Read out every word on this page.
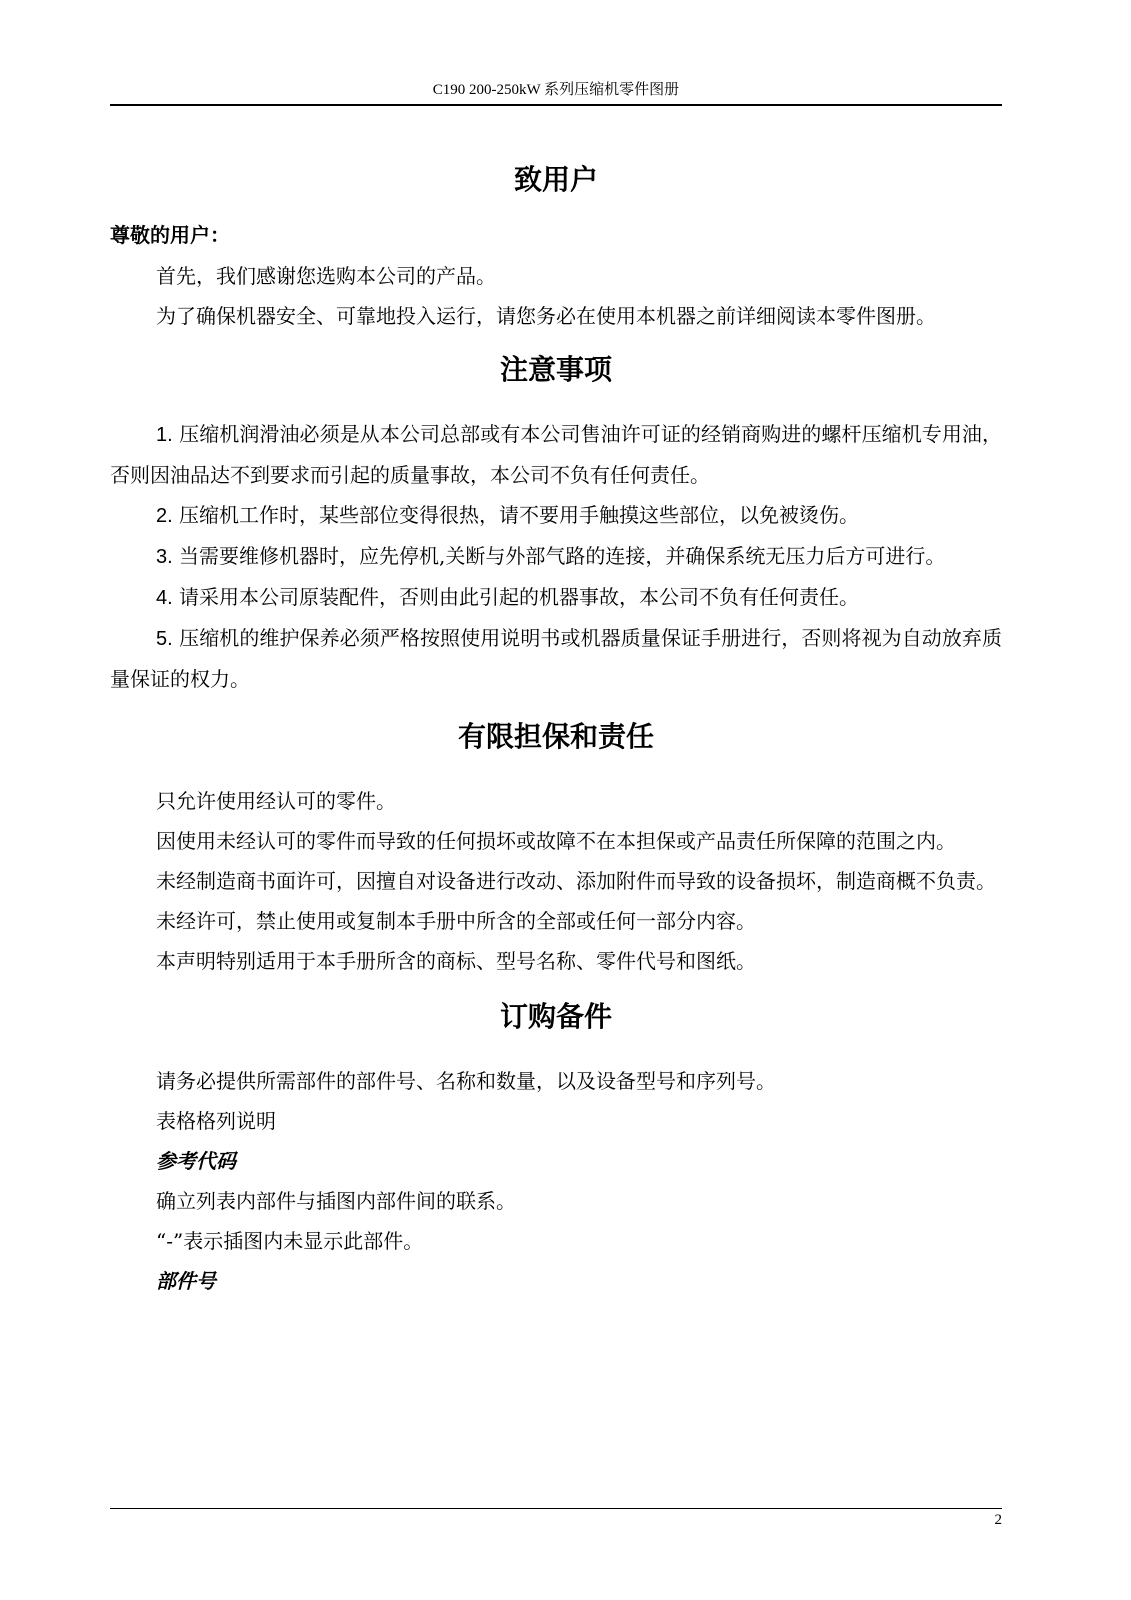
C190 200-250kW 系列压缩机零件图册
致用户

尊敬的用户：

首先，我们感谢您选购本公司的产品。

为了确保机器安全、可靠地投入运行，请您务必在使用本机器之前详细阅读本零件图册。

注意事项

1. 压缩机润滑油必须是从本公司总部或有本公司售油许可证的经销商购进的螺杆压缩机专用油，否则因油品达不到要求而引起的质量事故，本公司不负有任何责任。

2. 压缩机工作时，某些部位变得很热，请不要用手触摸这些部位，以免被烫伤。

3. 当需要维修机器时，应先停机,关断与外部气路的连接，并确保系统无压力后方可进行。

4. 请采用本公司原装配件，否则由此引起的机器事故，本公司不负有任何责任。

5. 压缩机的维护保养必须严格按照使用说明书或机器质量保证手册进行，否则将视为自动放弃质量保证的权力。

有限担保和责任

只允许使用经认可的零件。

因使用未经认可的零件而导致的任何损坏或故障不在本担保或产品责任所保障的范围之内。

未经制造商书面许可，因擅自对设备进行改动、添加附件而导致的设备损坏，制造商概不负责。

未经许可，禁止使用或复制本手册中所含的全部或任何一部分内容。

本声明特别适用于本手册所含的商标、型号名称、零件代号和图纸。

订购备件

请务必提供所需部件的部件号、名称和数量，以及设备型号和序列号。

表格格列说明

参考代码

确立列表内部件与插图内部件间的联系。

“-”表示插图内未显示此部件。

部件号

2
